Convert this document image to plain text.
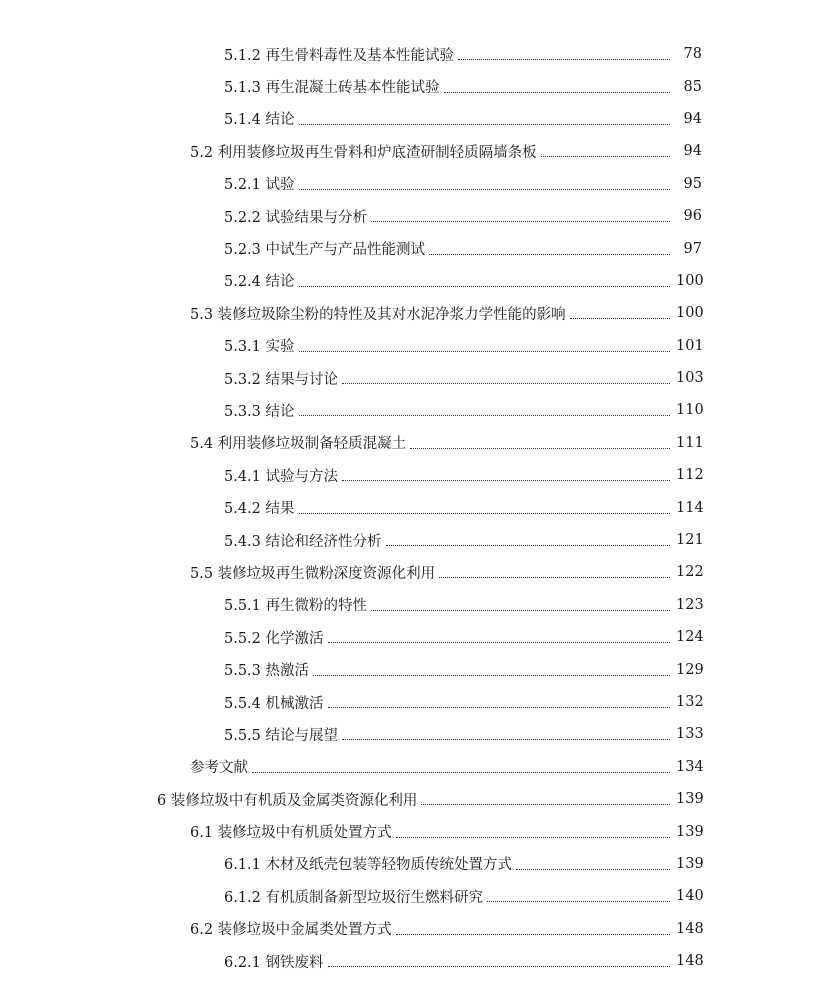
5.1.2 再生骨料毒性及基本性能试验	78
5.1.3 再生混凝土砖基本性能试验	85
5.1.4 结论	94
5.2 利用装修垃圾再生骨料和炉底渣研制轻质隔墙条板	94
5.2.1 试验	95
5.2.2 试验结果与分析	96
5.2.3 中试生产与产品性能测试	97
5.2.4 结论	100
5.3 装修垃圾除尘粉的特性及其对水泥净浆力学性能的影响	100
5.3.1 实验	101
5.3.2 结果与讨论	103
5.3.3 结论	110
5.4 利用装修垃圾制备轻质混凝土	111
5.4.1 试验与方法	112
5.4.2 结果	114
5.4.3 结论和经济性分析	121
5.5 装修垃圾再生微粉深度资源化利用	122
5.5.1 再生微粉的特性	123
5.5.2 化学激活	124
5.5.3 热激活	129
5.5.4 机械激活	132
5.5.5 结论与展望	133
参考文献	134
6 装修垃圾中有机质及金属类资源化利用	139
6.1 装修垃圾中有机质处置方式	139
6.1.1 木材及纸壳包装等轻物质传统处置方式	139
6.1.2 有机质制备新型垃圾衍生燃料研究	140
6.2 装修垃圾中金属类处置方式	148
6.2.1 钢铁废料	148
